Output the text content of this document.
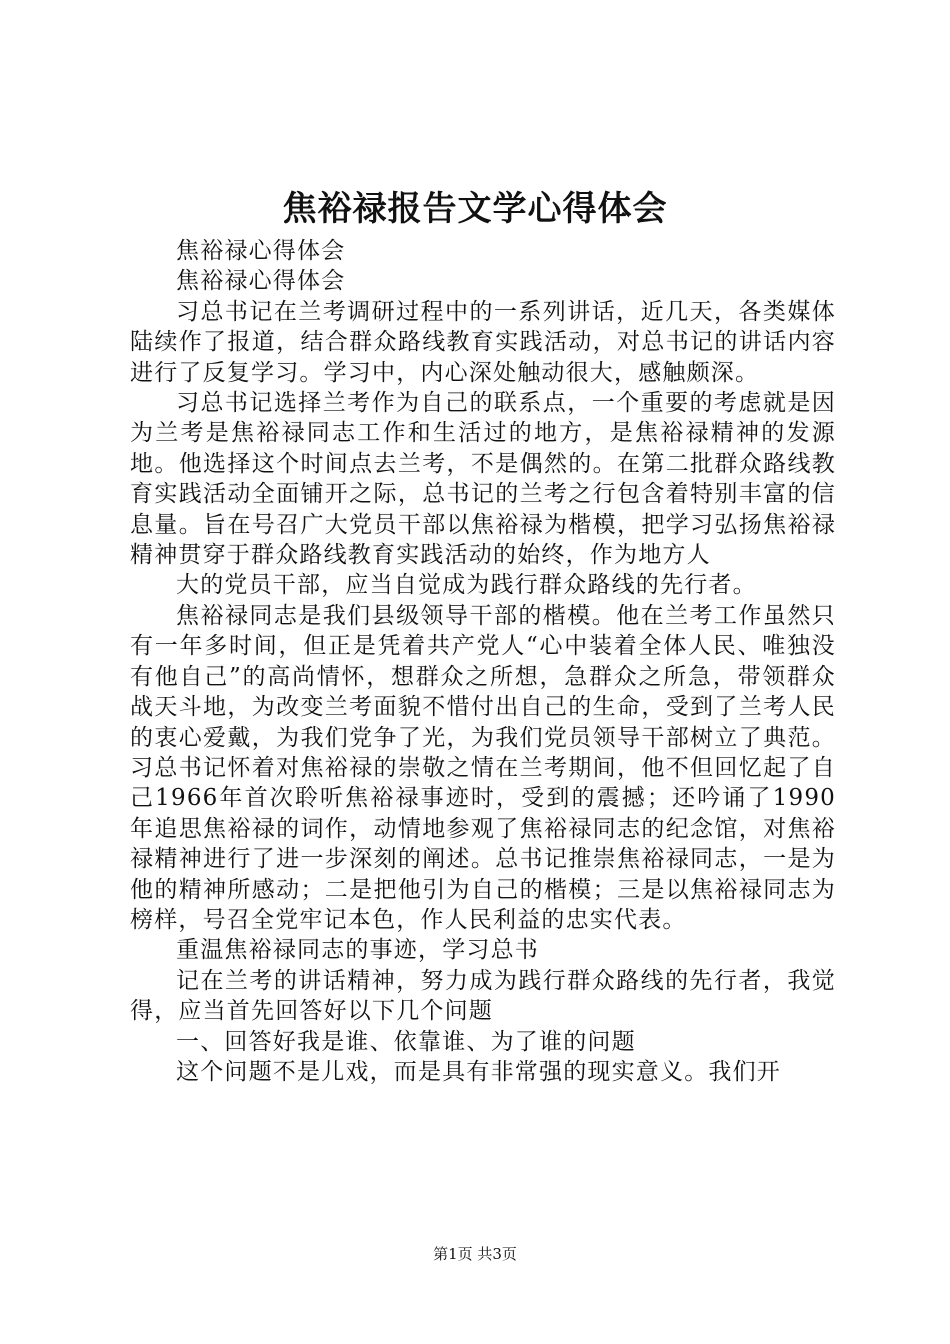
焦裕禄报告文学心得体会

焦裕禄心得体会

焦裕禄心得体会

习总书记在兰考调研过程中的一系列讲话，近几天，各类媒体陆续作了报道，结合群众路线教育实践活动，对总书记的讲话内容进行了反复学习。学习中，内心深处触动很大，感触颇深。

习总书记选择兰考作为自己的联系点，一个重要的考虑就是因为兰考是焦裕禄同志工作和生活过的地方，是焦裕禄精神的发源地。他选择这个时间点去兰考，不是偶然的。在第二批群众路线教育实践活动全面铺开之际，总书记的兰考之行包含着特别丰富的信息量。旨在号召广大党员干部以焦裕禄为楷模，把学习弘扬焦裕禄精神贯穿于群众路线教育实践活动的始终，作为地方人

大的党员干部，应当自觉成为践行群众路线的先行者。

焦裕禄同志是我们县级领导干部的楷模。他在兰考工作虽然只有一年多时间，但正是凭着共产党人“心中装着全体人民、唯独没有他自己”的高尚情怀，想群众之所想，急群众之所急，带领群众战天斗地，为改变兰考面貌不惜付出自己的生命，受到了兰考人民的衷心爱戴，为我们党争了光，为我们党员领导干部树立了典范。习总书记怀着对焦裕禄的崇敬之情在兰考期间，他不但回忆起了自己1966年首次聆听焦裕禄事迹时，受到的震撼；还吟诵了1990年追思焦裕禄的词作，动情地参观了焦裕禄同志的纪念馆，对焦裕禄精神进行了进一步深刻的阐述。总书记推崇焦裕禄同志，一是为他的精神所感动；二是把他引为自己的楷模；三是以焦裕禄同志为榜样，号召全党牢记本色，作人民利益的忠实代表。

重温焦裕禄同志的事迹，学习总书

记在兰考的讲话精神，努力成为践行群众路线的先行者，我觉得，应当首先回答好以下几个问题

一、回答好我是谁、依靠谁、为了谁的问题

这个问题不是儿戏，而是具有非常强的现实意义。我们开

第1页 共3页
